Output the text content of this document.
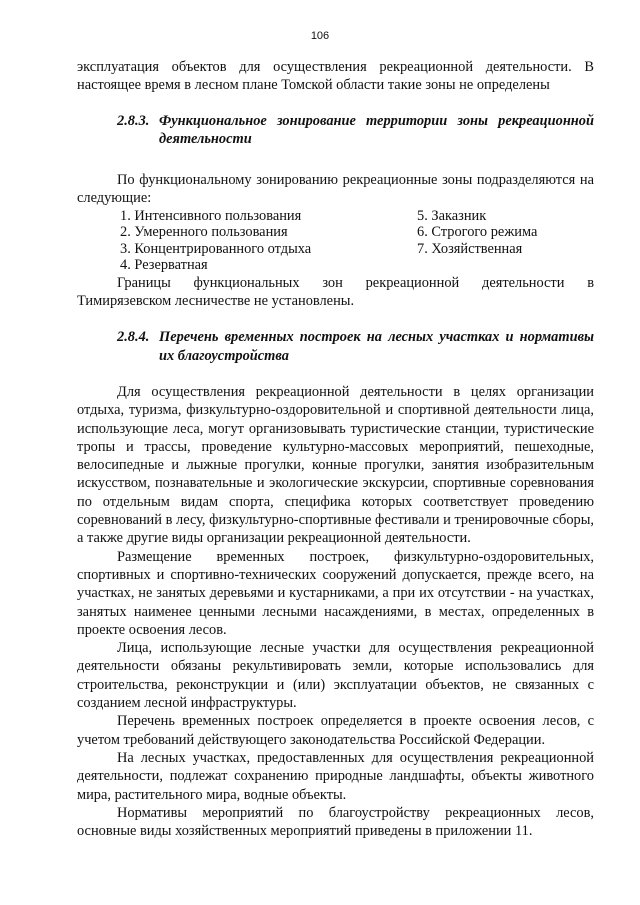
106

эксплуатация объектов для осуществления рекреационной деятельности. В настоящее время в лесном плане Томской области такие зоны не определены

2.8.3. Функциональное зонирование территории зоны рекреационной деятельности

По функциональному зонированию рекреационные зоны подразделяются на следующие:

1. Интенсивного пользования	5. Заказник
2. Умеренного пользования	6. Строгого режима
3. Концентрированного отдыха	7. Хозяйственная
4. Резерватная

Границы функциональных зон рекреационной деятельности в Тимирязевском лесничестве не установлены.

2.8.4. Перечень временных построек на лесных участках и нормативы их благоустройства

Для осуществления рекреационной деятельности в целях организации отдыха, туризма, физкультурно-оздоровительной и спортивной деятельности лица, использующие леса, могут организовывать туристические станции, туристические тропы и трассы, проведение культурно-массовых мероприятий, пешеходные, велосипедные и лыжные прогулки, конные прогулки, занятия изобразительным искусством, познавательные и экологические экскурсии, спортивные соревнования по отдельным видам спорта, специфика которых соответствует проведению соревнований в лесу, физкультурно-спортивные фестивали и тренировочные сборы, а также другие виды организации рекреационной деятельности.

Размещение временных построек, физкультурно-оздоровительных, спортивных и спортивно-технических сооружений допускается, прежде всего, на участках, не занятых деревьями и кустарниками, а при их отсутствии - на участках, занятых наименее ценными лесными насаждениями, в местах, определенных в проекте освоения лесов.

Лица, использующие лесные участки для осуществления рекреационной деятельности обязаны рекультивировать земли, которые использовались для строительства, реконструкции и (или) эксплуатации объектов, не связанных с созданием лесной инфраструктуры.

Перечень временных построек определяется в проекте освоения лесов, с учетом требований действующего законодательства Российской Федерации.

На лесных участках, предоставленных для осуществления рекреационной деятельности, подлежат сохранению природные ландшафты, объекты животного мира, растительного мира, водные объекты.

Нормативы мероприятий по благоустройству рекреационных лесов, основные виды хозяйственных мероприятий приведены в приложении 11.
